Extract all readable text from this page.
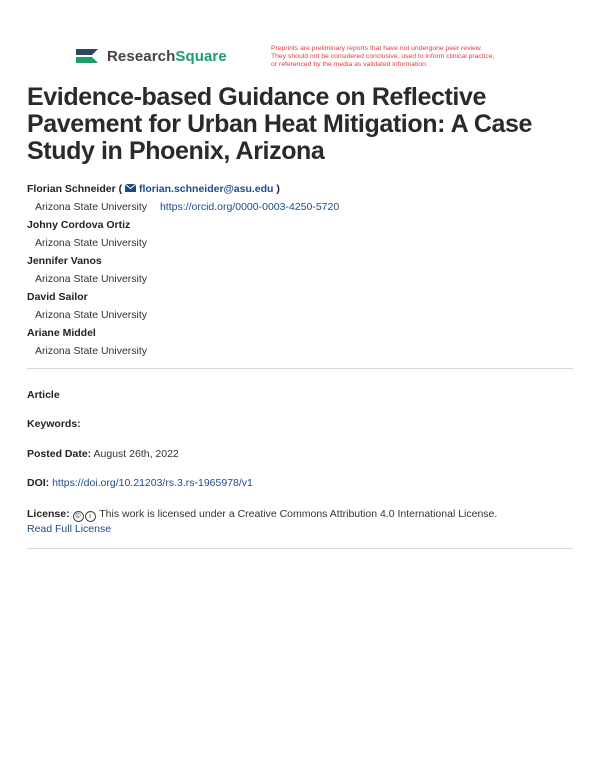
ResearchSquare	Preprints are preliminary reports that have not undergone peer review.
They should not be considered conclusive, used to inform clinical practice,
or referenced by the media as validated information.
Evidence-based Guidance on Reflective Pavement for Urban Heat Mitigation: A Case Study in Phoenix, Arizona
Florian Schneider (  florian.schneider@asu.edu )
Arizona State University https://orcid.org/0000-0003-4250-5720
Johny Cordova Ortiz
Arizona State University
Jennifer Vanos
Arizona State University
David Sailor
Arizona State University
Ariane Middel
Arizona State University
Article
Keywords:
Posted Date: August 26th, 2022
DOI: https://doi.org/10.21203/rs.3.rs-1965978/v1
License: © i This work is licensed under a Creative Commons Attribution 4.0 International License.
Read Full License
